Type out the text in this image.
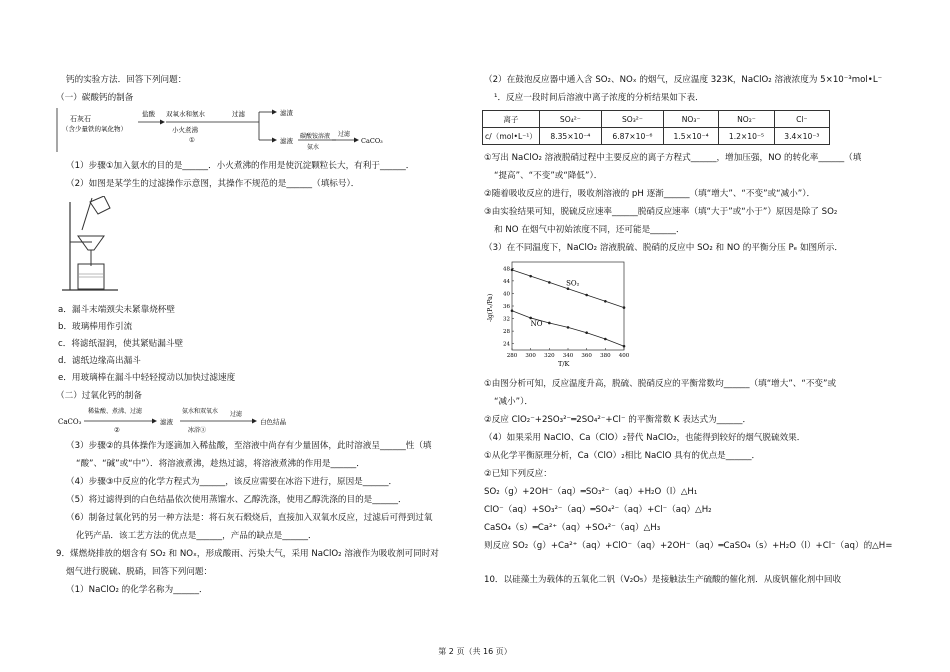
钙的实验方法．回答下列问题：
（一）碳酸钙的制备
石灰石
（含少量铁的氧化物）
盐酸 双氧水和氨水
小火煮沸
①
过滤	滤渣
滤液
碳酸铵溶液
氨水
过滤
CaCO₃
（1）步骤①加入氨水的目的是______．小火煮沸的作用是使沉淀颗粒长大，有利于______．
（2）如图是某学生的过滤操作示意图，其操作不规范的是______（填标号）．
a．漏斗末端颈尖未紧靠烧杯壁
b．玻璃棒用作引流
c．将滤纸湿润，使其紧贴漏斗壁
d．滤纸边缘高出漏斗
e．用玻璃棒在漏斗中轻轻搅动以加快过滤速度
（二）过氧化钙的制备
CaCO₃
稀盐酸、煮沸、过滤
②
滤液
氨水和双氧水
冰浴③
过滤
白色结晶
（3）步骤②的具体操作为逐滴加入稀盐酸，至溶液中尚存有少量固体，此时溶液呈______性（填
“酸”、“碱”或“中”）．将溶液煮沸，趁热过滤，将溶液煮沸的作用是______．
（4）步骤③中反应的化学方程式为______，该反应需要在冰浴下进行，原因是______．
（5）将过滤得到的白色结晶依次使用蒸馏水、乙醇洗涤，使用乙醇洗涤的目的是______．
（6）制备过氧化钙的另一种方法是：将石灰石煅烧后，直接加入双氧水反应，过滤后可得到过氧
化钙产品．该工艺方法的优点是______，产品的缺点是______．
9．煤燃烧排放的烟含有 SO₂ 和 NOₓ，形成酸雨、污染大气，采用 NaClO₂ 溶液作为吸收剂可同时对
烟气进行脱硫、脱硝，回答下列问题：
（1）NaClO₂ 的化学名称为______．
（2）在鼓泡反应器中通入含 SO₂、NOₓ 的烟气，反应温度 323K，NaClO₂ 溶液浓度为 5×10⁻³mol•L⁻
¹．反应一段时间后溶液中离子浓度的分析结果如下表．
离子	SO₄²⁻	SO₃²⁻	NO₃⁻	NO₂⁻	Cl⁻
c/（mol•L⁻¹）	8.35×10⁻⁴	6.87×10⁻⁶	1.5×10⁻⁴	1.2×10⁻⁵	3.4×10⁻³
①写出 NaClO₂ 溶液脱硝过程中主要反应的离子方程式______，增加压强，NO 的转化率______（填
“提高”、“不变”或“降低”）．
②随着吸收反应的进行，吸收剂溶液的 pH 逐渐______（填“增大”、“不变”或“减小”）．
③由实验结果可知，脱硫反应速率______脱硝反应速率（填“大于”或“小于”）原因是除了 SO₂
和 NO 在烟气中初始浓度不同，还可能是______．
（3）在不同温度下，NaClO₂ 溶液脱硫、脱硝的反应中 SO₂ 和 NO 的平衡分压 Pₑ 如图所示．
24
28
32
36
40
44
48
280 300 320 340 360 380 400
T/K
-lg(Pₑ/Pa)
SO₂
NO
①由图分析可知，反应温度升高，脱硫、脱硝反应的平衡常数均______（填“增大”、“不变”或
“减小”）．
②反应 ClO₂⁻+2SO₃²⁻═2SO₄²⁻+Cl⁻ 的平衡常数 K 表达式为______．
（4）如果采用 NaClO、Ca（ClO）₂替代 NaClO₂，也能得到较好的烟气脱硫效果．
①从化学平衡原理分析，Ca（ClO）₂相比 NaClO 具有的优点是______．
②已知下列反应：
SO₂（g）+2OH⁻（aq）═SO₃²⁻（aq）+H₂O（l）△H₁
ClO⁻（aq）+SO₃²⁻（aq）═SO₄²⁻（aq）+Cl⁻（aq）△H₂
CaSO₄（s）═Ca²⁺（aq）+SO₄²⁻（aq）△H₃
则反应 SO₂（g）+Ca²⁺（aq）+ClO⁻（aq）+2OH⁻（aq）═CaSO₄（s）+H₂O（l）+Cl⁻（aq）的△H=
10．以硅藻土为载体的五氧化二钒（V₂O₅）是接触法生产硫酸的催化剂．从废钒催化剂中回收
第 2 页（共 16 页）
